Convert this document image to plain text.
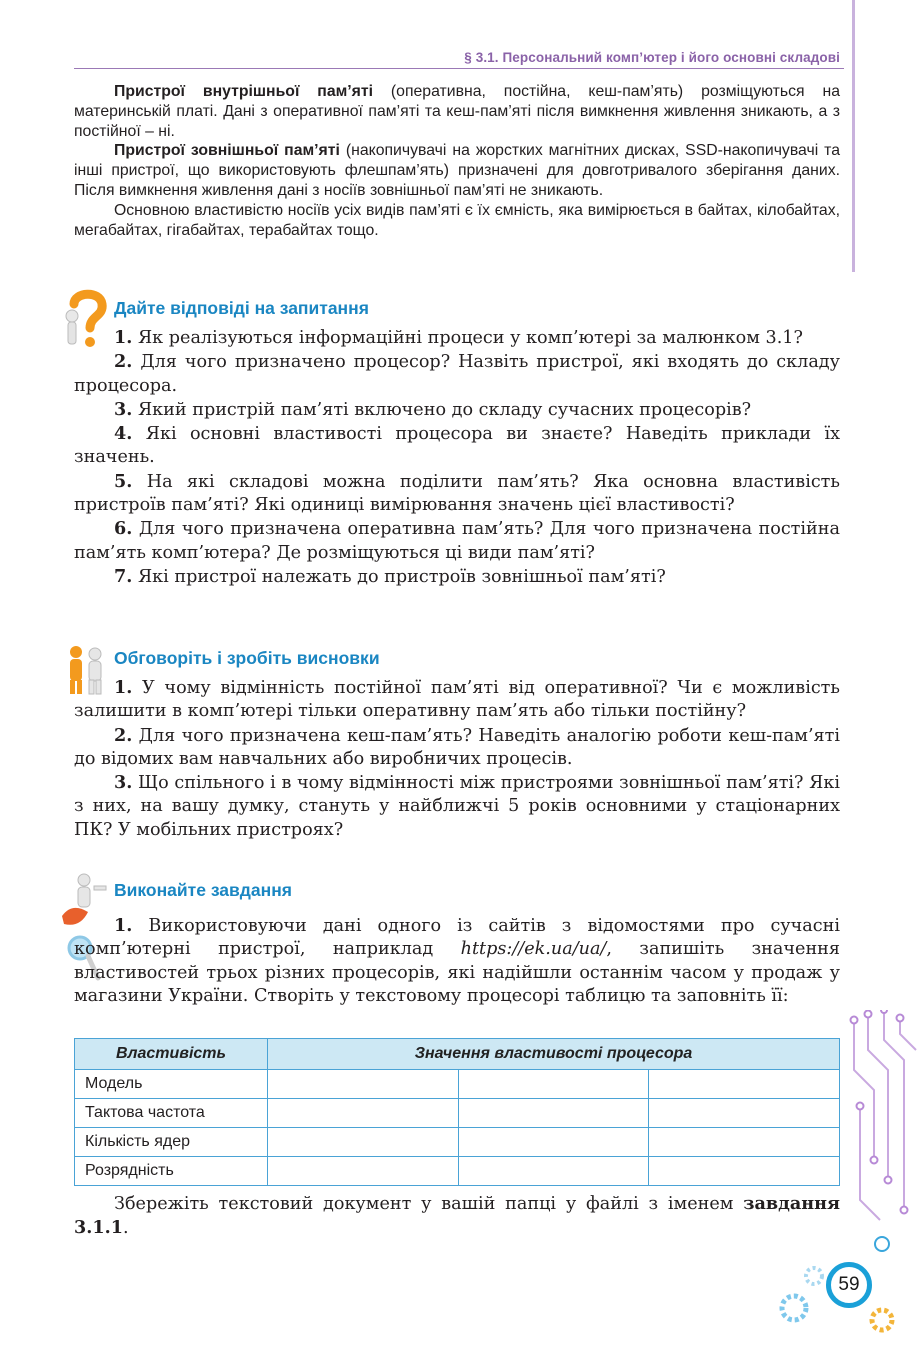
§ 3.1. Персональний комп’ютер і його основні складові

Пристрої внутрішньої пам’яті (оперативна, постійна, кеш-пам’ять) розміщуються на материнській платі. Дані з оперативної пам’яті та кеш-пам’яті після вимкнення живлення зникають, а з постійної – ні.

Пристрої зовнішньої пам’яті (накопичувачі на жорстких магнітних дисках, SSD-накопичувачі та інші пристрої, що використовують флешпам’ять) призначені для довготривалого зберігання даних. Після вимкнення живлення дані з носіїв зовнішньої пам’яті не зникають.

Основною властивістю носіїв усіх видів пам’яті є їх ємність, яка вимірюється в байтах, кілобайтах, мегабайтах, гігабайтах, терабайтах тощо.

Дайте відповіді на запитання

1. Як реалізуються інформаційні процеси у комп’ютері за малюнком 3.1?

2. Для чого призначено процесор? Назвіть пристрої, які входять до складу процесора.

3. Який пристрій пам’яті включено до складу сучасних процесорів?

4. Які основні властивості процесора ви знаєте? Наведіть приклади їх значень.

5. На які складові можна поділити пам’ять? Яка основна властивість пристроїв пам’яті? Які одиниці вимірювання значень цієї властивості?

6. Для чого призначена оперативна пам’ять? Для чого призначена постійна пам’ять комп’ютера? Де розміщуються ці види пам’яті?

7. Які пристрої належать до пристроїв зовнішньої пам’яті?

Обговоріть і зробіть висновки

1. У чому відмінність постійної пам’яті від оперативної? Чи є можливість залишити в комп’ютері тільки оперативну пам’ять або тільки постійну?

2. Для чого призначена кеш-пам’ять? Наведіть аналогію роботи кеш-пам’яті до відомих вам навчальних або виробничих процесів.

3. Що спільного і в чому відмінності між пристроями зовнішньої пам’яті? Які з них, на вашу думку, стануть у найближчі 5 років основними у стаціонарних ПК? У мобільних пристроях?

Виконайте завдання

1. Використовуючи дані одного із сайтів з відомостями про сучасні комп’ютерні пристрої, наприклад https://ek.ua/ua/, запишіть значення властивостей трьох різних процесорів, які надійшли останнім часом у продаж у магазини України. Створіть у текстовому процесорі таблицю та заповніть її:

Властивість	Значення властивості процесора		
Модель			
Тактова частота			
Кількість ядер			
Розрядність			

Збережіть текстовий документ у вашій папці у файлі з іменем завдання 3.1.1.

59
